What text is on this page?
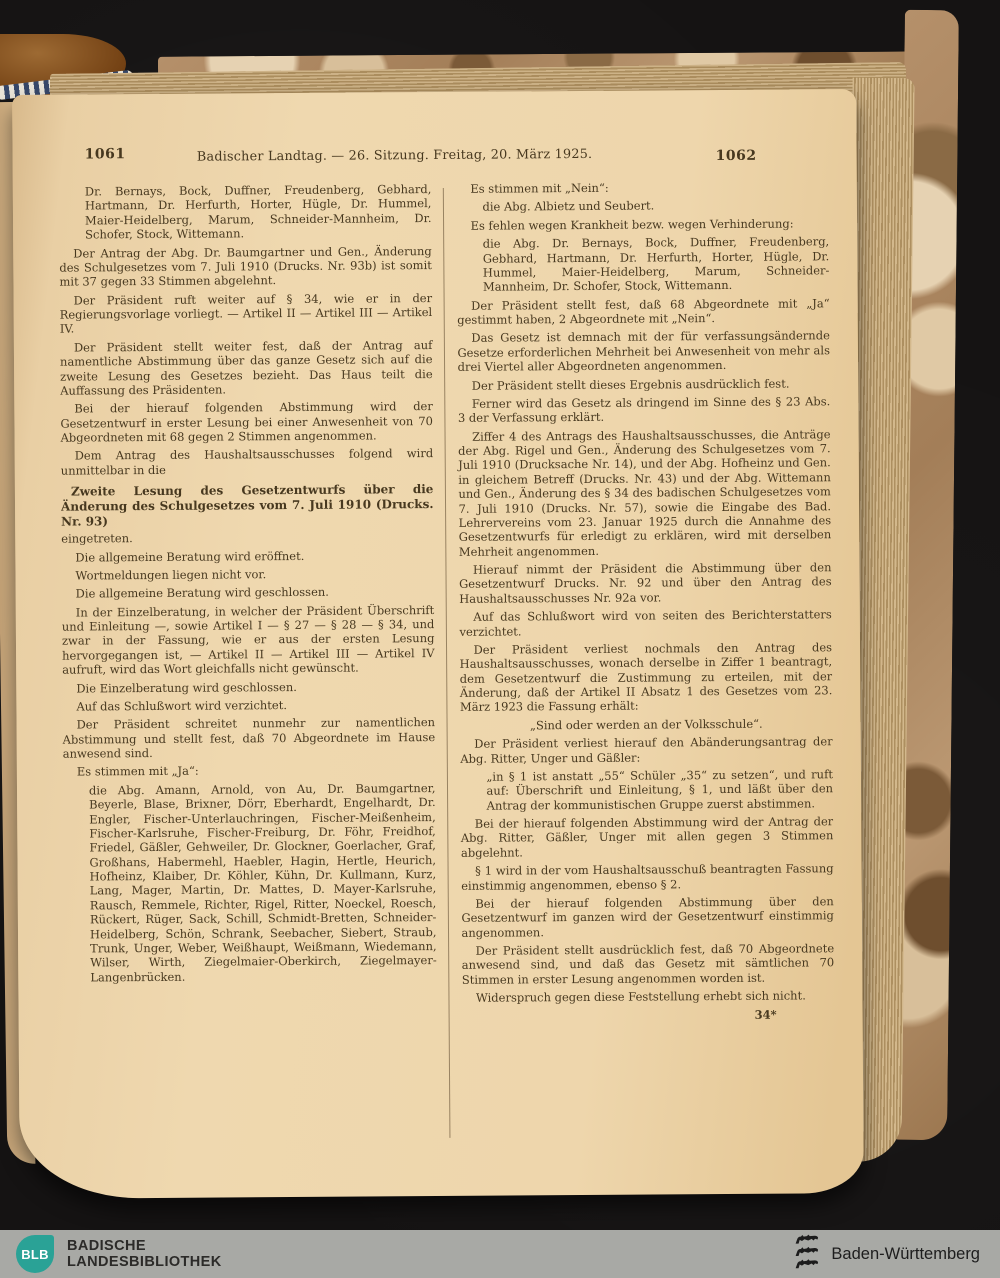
1061	Badischer Landtag. — 26. Sitzung. Freitag, 20. März 1925.	1062

Dr. Bernays, Bock, Duffner, Freudenberg, Gebhard, Hartmann, Dr. Herfurth, Horter, Hügle, Dr. Hummel, Maier-Heidelberg, Marum, Schneider-Mannheim, Dr. Schofer, Stock, Wittemann.

Der Antrag der Abg. Dr. Baumgartner und Gen., Änderung des Schulgesetzes vom 7. Juli 1910 (Drucks. Nr. 93b) ist somit mit 37 gegen 33 Stimmen abgelehnt.

Der Präsident ruft weiter auf § 34, wie er in der Regierungsvorlage vorliegt. — Artikel II — Artikel III — Artikel IV.

Der Präsident stellt weiter fest, daß der Antrag auf namentliche Abstimmung über das ganze Gesetz sich auf die zweite Lesung des Gesetzes bezieht. Das Haus teilt die Auffassung des Präsidenten.

Bei der hierauf folgenden Abstimmung wird der Gesetzentwurf in erster Lesung bei einer Anwesenheit von 70 Abgeordneten mit 68 gegen 2 Stimmen angenommen.

Dem Antrag des Haushaltsausschusses folgend wird unmittelbar in die

Zweite Lesung des Gesetzentwurfs über die Änderung des Schulgesetzes vom 7. Juli 1910 (Drucks. Nr. 93)

eingetreten.

Die allgemeine Beratung wird eröffnet.

Wortmeldungen liegen nicht vor.

Die allgemeine Beratung wird geschlossen.

In der Einzelberatung, in welcher der Präsident Überschrift und Einleitung —, sowie Artikel I — § 27 — § 28 — § 34, und zwar in der Fassung, wie er aus der ersten Lesung hervorgegangen ist, — Artikel II — Artikel III — Artikel IV aufruft, wird das Wort gleichfalls nicht gewünscht.

Die Einzelberatung wird geschlossen.

Auf das Schlußwort wird verzichtet.

Der Präsident schreitet nunmehr zur namentlichen Abstimmung und stellt fest, daß 70 Abgeordnete im Hause anwesend sind.

Es stimmen mit „Ja“:

die Abg. Amann, Arnold, von Au, Dr. Baumgartner, Beyerle, Blase, Brixner, Dörr, Eberhardt, Engelhardt, Dr. Engler, Fischer-Unterlauchringen, Fischer-Meißenheim, Fischer-Karlsruhe, Fischer-Freiburg, Dr. Föhr, Freidhof, Friedel, Gäßler, Gehweiler, Dr. Glockner, Goerlacher, Graf, Großhans, Habermehl, Haebler, Hagin, Hertle, Heurich, Hofheinz, Klaiber, Dr. Köhler, Kühn, Dr. Kullmann, Kurz, Lang, Mager, Martin, Dr. Mattes, D. Mayer-Karlsruhe, Rausch, Remmele, Richter, Rigel, Ritter, Noeckel, Roesch, Rückert, Rüger, Sack, Schill, Schmidt-Bretten, Schneider-Heidelberg, Schön, Schrank, Seebacher, Siebert, Straub, Trunk, Unger, Weber, Weißhaupt, Weißmann, Wiedemann, Wilser, Wirth, Ziegelmaier-Oberkirch, Ziegelmayer-Langenbrücken.

Es stimmen mit „Nein“:

die Abg. Albietz und Seubert.

Es fehlen wegen Krankheit bezw. wegen Verhinderung:

die Abg. Dr. Bernays, Bock, Duffner, Freudenberg, Gebhard, Hartmann, Dr. Herfurth, Horter, Hügle, Dr. Hummel, Maier-Heidelberg, Marum, Schneider-Mannheim, Dr. Schofer, Stock, Wittemann.

Der Präsident stellt fest, daß 68 Abgeordnete mit „Ja“ gestimmt haben, 2 Abgeordnete mit „Nein“.

Das Gesetz ist demnach mit der für verfassungsändernde Gesetze erforderlichen Mehrheit bei Anwesenheit von mehr als drei Viertel aller Abgeordneten angenommen.

Der Präsident stellt dieses Ergebnis ausdrücklich fest.

Ferner wird das Gesetz als dringend im Sinne des § 23 Abs. 3 der Verfassung erklärt.

Ziffer 4 des Antrags des Haushaltsausschusses, die Anträge der Abg. Rigel und Gen., Änderung des Schulgesetzes vom 7. Juli 1910 (Drucksache Nr. 14), und der Abg. Hofheinz und Gen. in gleichem Betreff (Drucks. Nr. 43) und der Abg. Wittemann und Gen., Änderung des § 34 des badischen Schulgesetzes vom 7. Juli 1910 (Drucks. Nr. 57), sowie die Eingabe des Bad. Lehrervereins vom 23. Januar 1925 durch die Annahme des Gesetzentwurfs für erledigt zu erklären, wird mit derselben Mehrheit angenommen.

Hierauf nimmt der Präsident die Abstimmung über den Gesetzentwurf Drucks. Nr. 92 und über den Antrag des Haushaltsausschusses Nr. 92a vor.

Auf das Schlußwort wird von seiten des Berichterstatters verzichtet.

Der Präsident verliest nochmals den Antrag des Haushaltsausschusses, wonach derselbe in Ziffer 1 beantragt, dem Gesetzentwurf die Zustimmung zu erteilen, mit der Änderung, daß der Artikel II Absatz 1 des Gesetzes vom 23. März 1923 die Fassung erhält:

„Sind oder werden an der Volksschule“.

Der Präsident verliest hierauf den Abänderungsantrag der Abg. Ritter, Unger und Gäßler:

„in § 1 ist anstatt „55“ Schüler „35“ zu setzen“, und ruft auf: Überschrift und Einleitung, § 1, und läßt über den Antrag der kommunistischen Gruppe zuerst abstimmen.

Bei der hierauf folgenden Abstimmung wird der Antrag der Abg. Ritter, Gäßler, Unger mit allen gegen 3 Stimmen abgelehnt.

§ 1 wird in der vom Haushaltsausschuß beantragten Fassung einstimmig angenommen, ebenso § 2.

Bei der hierauf folgenden Abstimmung über den Gesetzentwurf im ganzen wird der Gesetzentwurf einstimmig angenommen.

Der Präsident stellt ausdrücklich fest, daß 70 Abgeordnete anwesend sind, und daß das Gesetz mit sämtlichen 70 Stimmen in erster Lesung angenommen worden ist.

Widerspruch gegen diese Feststellung erhebt sich nicht.

34*

BLB
BADISCHE
LANDESBIBLIOTHEK	Baden-Württemberg
